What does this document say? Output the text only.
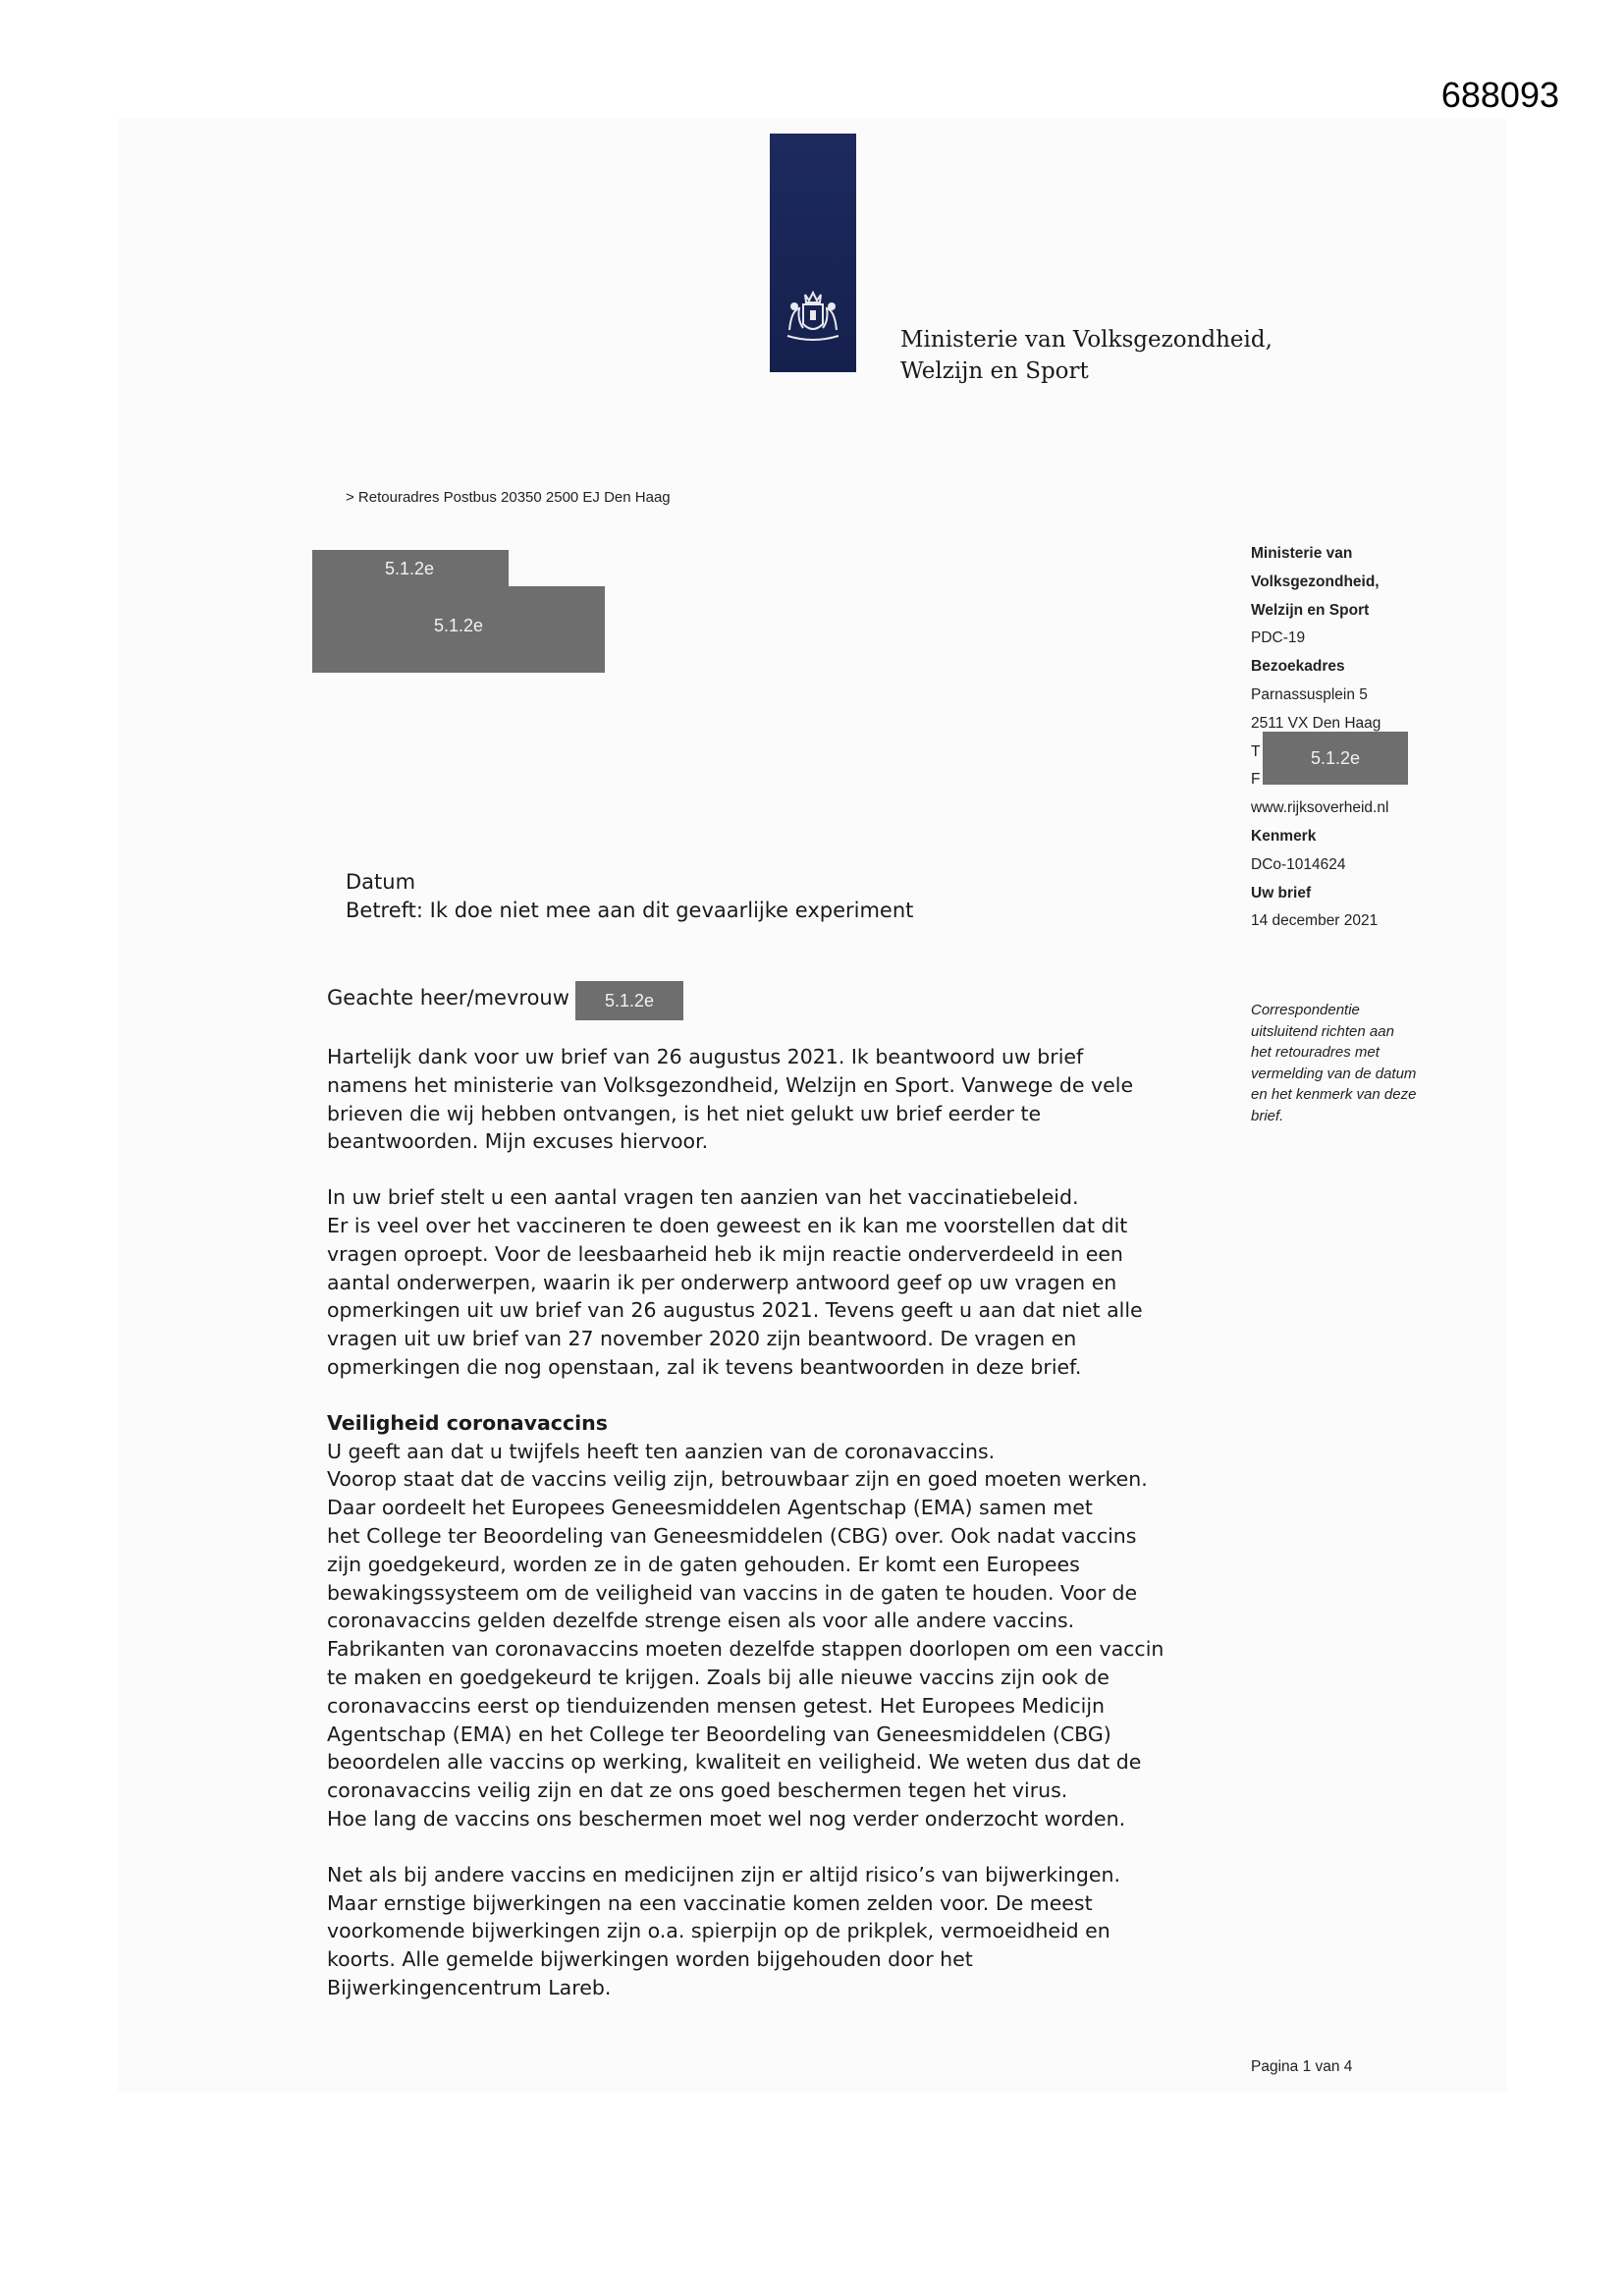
688093
Ministerie van Volksgezondheid,
Welzijn en Sport
> Retouradres Postbus 20350 2500 EJ Den Haag
5.1.2e
5.1.2e
Ministerie van
Volksgezondheid,
Welzijn en Sport
PDC-19
Bezoekadres
Parnassusplein 5
2511 VX Den Haag
T
F
www.rijksoverheid.nl
Kenmerk
DCo-1014624
Uw brief
14 december 2021
5.1.2e
Correspondentie
uitsluitend richten aan
het retouradres met
vermelding van de datum
en het kenmerk van deze
brief.
Datum
Betreft: Ik doe niet mee aan dit gevaarlijke experiment
Geachte heer/mevrouw 5.1.2e

Hartelijk dank voor uw brief van 26 augustus 2021. Ik beantwoord uw brief
namens het ministerie van Volksgezondheid, Welzijn en Sport. Vanwege de vele
brieven die wij hebben ontvangen, is het niet gelukt uw brief eerder te
beantwoorden. Mijn excuses hiervoor.

In uw brief stelt u een aantal vragen ten aanzien van het vaccinatiebeleid.
Er is veel over het vaccineren te doen geweest en ik kan me voorstellen dat dit
vragen oproept. Voor de leesbaarheid heb ik mijn reactie onderverdeeld in een
aantal onderwerpen, waarin ik per onderwerp antwoord geef op uw vragen en
opmerkingen uit uw brief van 26 augustus 2021. Tevens geeft u aan dat niet alle
vragen uit uw brief van 27 november 2020 zijn beantwoord. De vragen en
opmerkingen die nog openstaan, zal ik tevens beantwoorden in deze brief.

Veiligheid coronavaccins
U geeft aan dat u twijfels heeft ten aanzien van de coronavaccins.
Voorop staat dat de vaccins veilig zijn, betrouwbaar zijn en goed moeten werken.
Daar oordeelt het Europees Geneesmiddelen Agentschap (EMA) samen met
het College ter Beoordeling van Geneesmiddelen (CBG) over. Ook nadat vaccins
zijn goedgekeurd, worden ze in de gaten gehouden. Er komt een Europees
bewakingssysteem om de veiligheid van vaccins in de gaten te houden. Voor de
coronavaccins gelden dezelfde strenge eisen als voor alle andere vaccins.
Fabrikanten van coronavaccins moeten dezelfde stappen doorlopen om een vaccin
te maken en goedgekeurd te krijgen. Zoals bij alle nieuwe vaccins zijn ook de
coronavaccins eerst op tienduizenden mensen getest. Het Europees Medicijn
Agentschap (EMA) en het College ter Beoordeling van Geneesmiddelen (CBG)
beoordelen alle vaccins op werking, kwaliteit en veiligheid. We weten dus dat de
coronavaccins veilig zijn en dat ze ons goed beschermen tegen het virus.
Hoe lang de vaccins ons beschermen moet wel nog verder onderzocht worden.

Net als bij andere vaccins en medicijnen zijn er altijd risico’s van bijwerkingen.
Maar ernstige bijwerkingen na een vaccinatie komen zelden voor. De meest
voorkomende bijwerkingen zijn o.a. spierpijn op de prikplek, vermoeidheid en
koorts. Alle gemelde bijwerkingen worden bijgehouden door het
Bijwerkingencentrum Lareb.

Pagina 1 van 4
